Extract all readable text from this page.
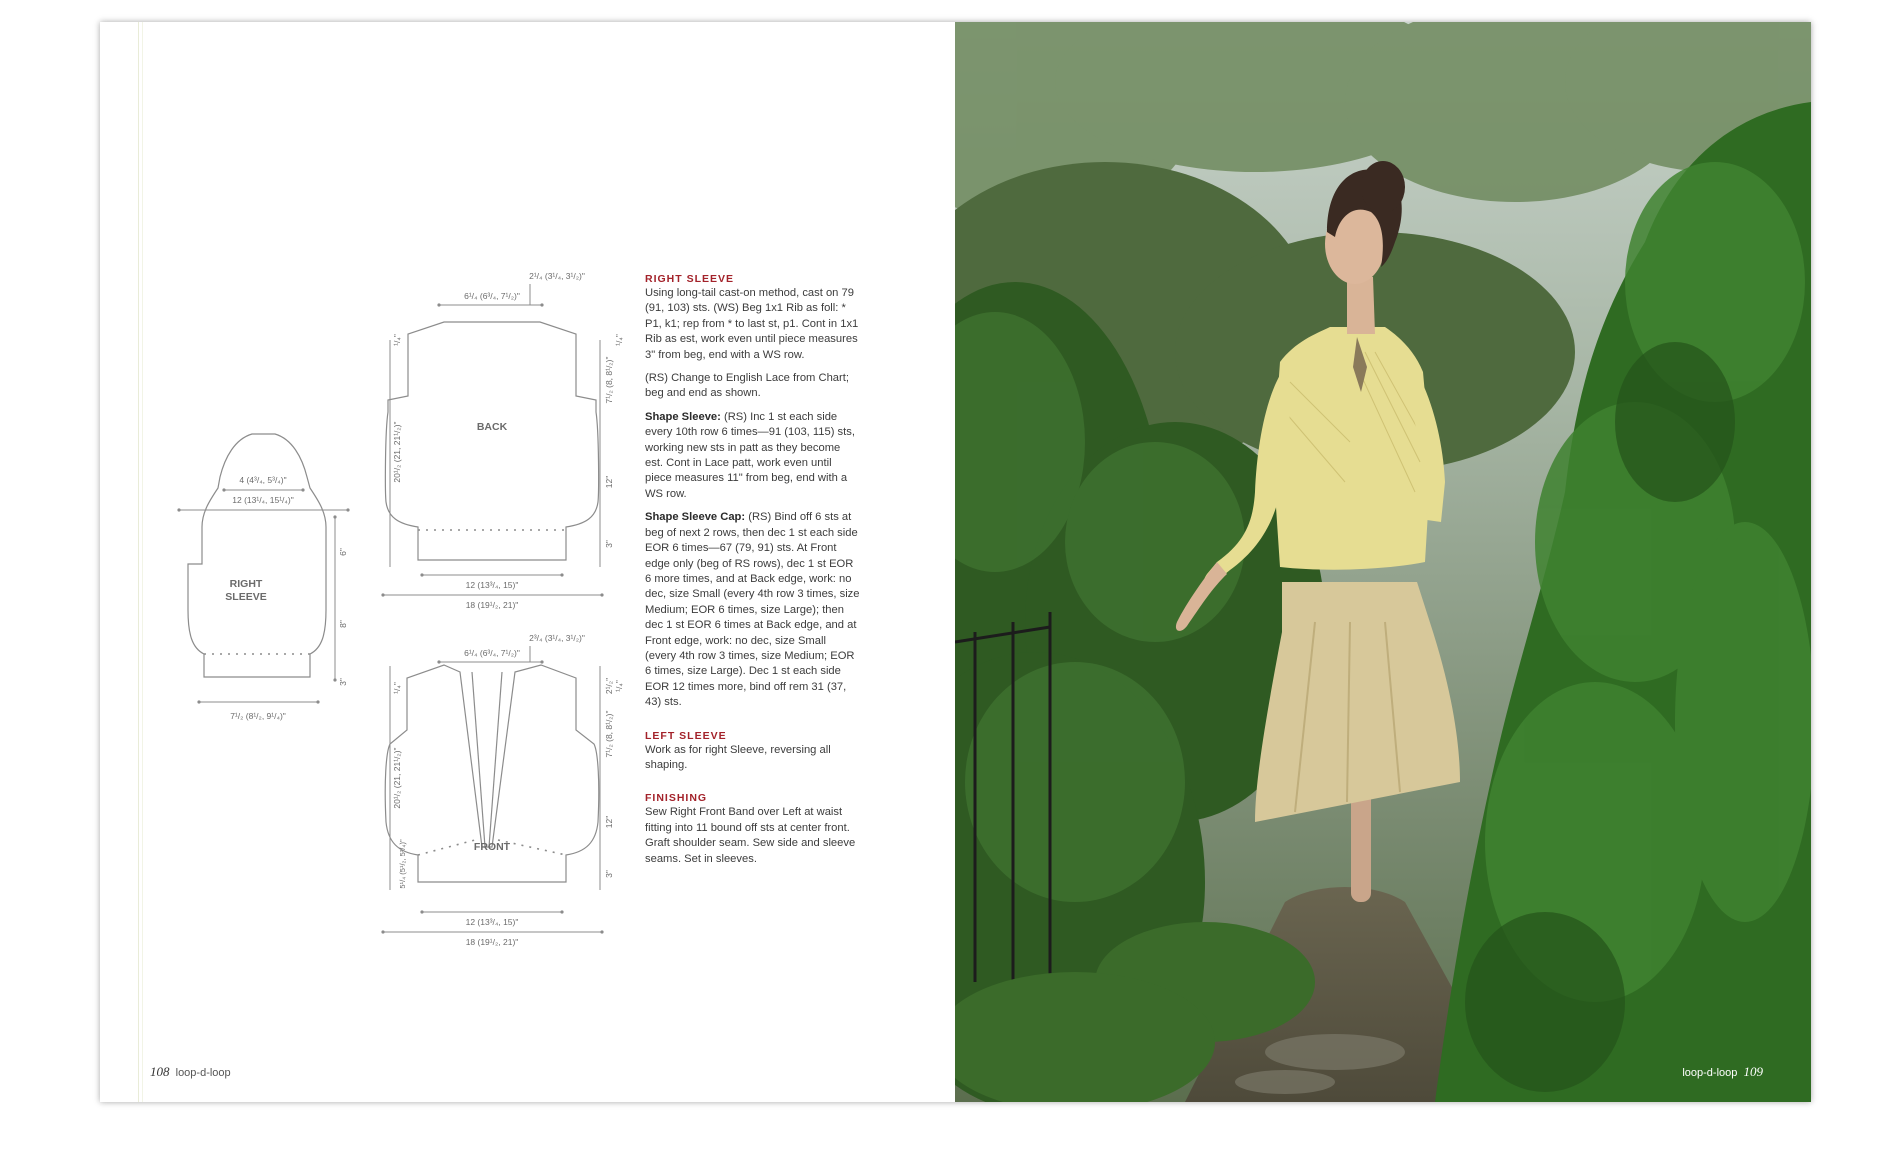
RIGHT
SLEEVE
BACK
FRONT
4 (4³/₄, 5³/₄)"
12 (13¹/₄, 15¹/₄)"
6"
8"
3"
7¹/₂ (8¹/₂, 9¹/₄)"
2¹/₄ (3¹/₄, 3¹/₂)"
6¹/₄ (6³/₄, 7¹/₂)"
¹/₄"	¹/₄"
20¹/₂ (21, 21¹/₂)"
7¹/₂ (8, 8¹/₂)"
12"
3"
12 (13³/₄, 15)"
18 (19¹/₂, 21)"
2³/₄ (3¹/₄, 3¹/₂)"
6¹/₄ (6³/₄, 7¹/₂)"
¹/₄"	¹/₄"
2¹/₂"
20¹/₂ (21, 21¹/₂)"
5¹/₄ (5¹/₂, 5³/₄)"
7¹/₂ (8, 8¹/₂)"
12"
3"
12 (13³/₄, 15)"
18 (19¹/₂, 21)"
RIGHT SLEEVE

Using long-tail cast-on method, cast on 79 (91, 103) sts. (WS) Beg 1x1 Rib as foll: * P1, k1; rep from * to last st, p1. Cont in 1x1 Rib as est, work even until piece measures 3" from beg, end with a WS row.

(RS) Change to English Lace from Chart; beg and end as shown.

Shape Sleeve: (RS) Inc 1 st each side every 10th row 6 times—91 (103, 115) sts, working new sts in patt as they become est. Cont in Lace patt, work even until piece measures 11" from beg, end with a WS row.

Shape Sleeve Cap: (RS) Bind off 6 sts at beg of next 2 rows, then dec 1 st each side EOR 6 times—67 (79, 91) sts. At Front edge only (beg of RS rows), dec 1 st EOR 6 more times, and at Back edge, work: no dec, size Small (every 4th row 3 times, size Medium; EOR 6 times, size Large); then dec 1 st EOR 6 times at Back edge, and at Front edge, work: no dec, size Small (every 4th row 3 times, size Medium; EOR 6 times, size Large). Dec 1 st each side EOR 12 times more, bind off rem 31 (37, 43) sts.

LEFT SLEEVE

Work as for right Sleeve, reversing all shaping.

FINISHING

Sew Right Front Band over Left at waist fitting into 11 bound off sts at center front. Graft shoulder seam. Sew side and sleeve seams. Set in sleeves.

108 loop-d-loop	loop-d-loop 109
